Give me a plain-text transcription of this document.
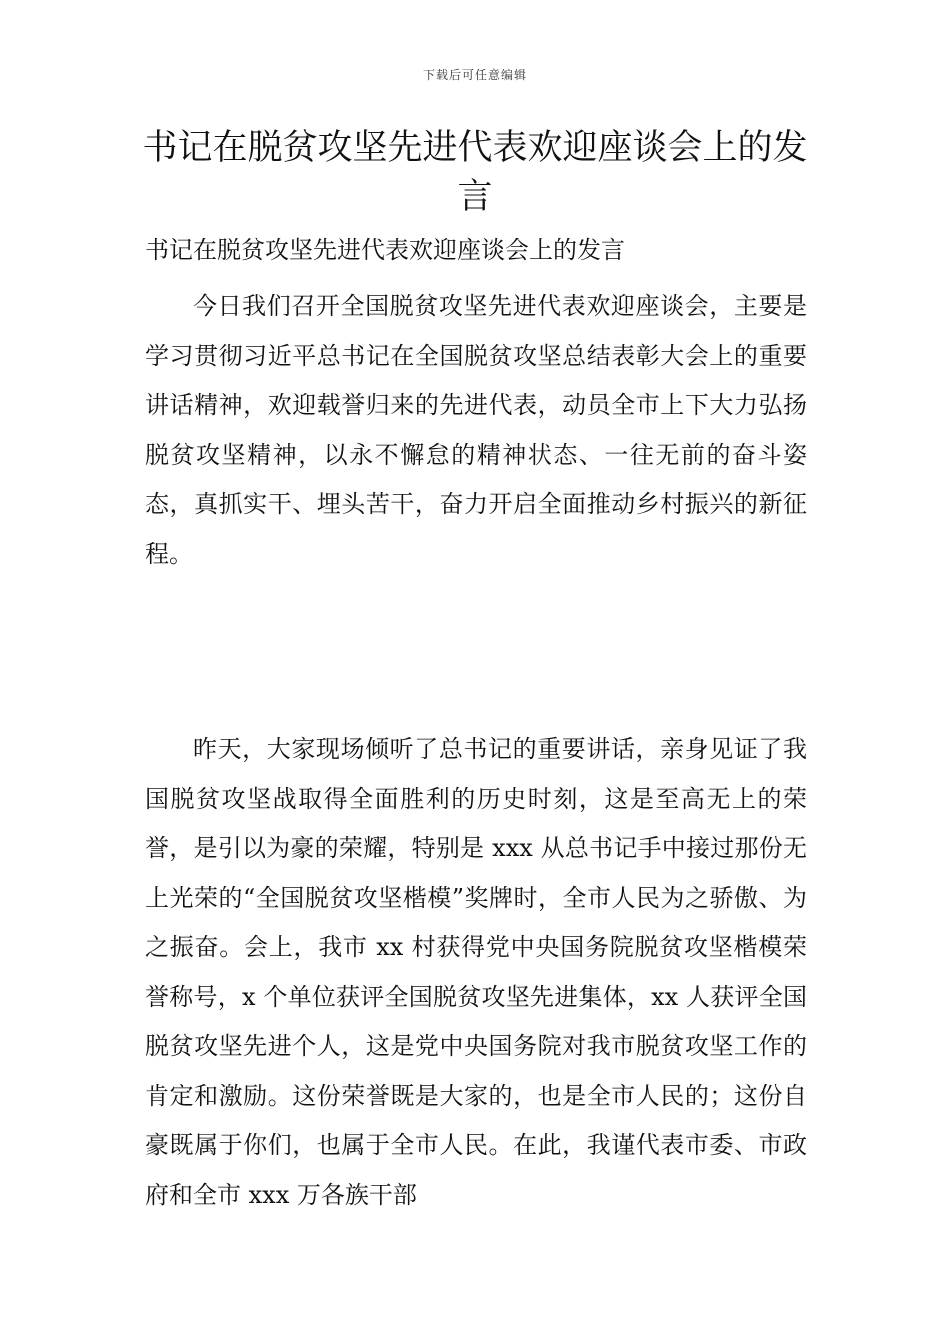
下载后可任意编辑
书记在脱贫攻坚先进代表欢迎座谈会上的发言

书记在脱贫攻坚先进代表欢迎座谈会上的发言

今日我们召开全国脱贫攻坚先进代表欢迎座谈会，主要是学习贯彻习近平总书记在全国脱贫攻坚总结表彰大会上的重要讲话精神，欢迎载誉归来的先进代表，动员全市上下大力弘扬脱贫攻坚精神，以永不懈怠的精神状态、一往无前的奋斗姿态，真抓实干、埋头苦干，奋力开启全面推动乡村振兴的新征程。

昨天，大家现场倾听了总书记的重要讲话，亲身见证了我国脱贫攻坚战取得全面胜利的历史时刻，这是至高无上的荣誉，是引以为豪的荣耀，特别是 xxx 从总书记手中接过那份无上光荣的“全国脱贫攻坚楷模”奖牌时，全市人民为之骄傲、为之振奋。会上，我市 xx 村获得党中央国务院脱贫攻坚楷模荣誉称号，x 个单位获评全国脱贫攻坚先进集体，xx 人获评全国脱贫攻坚先进个人，这是党中央国务院对我市脱贫攻坚工作的肯定和激励。这份荣誉既是大家的，也是全市人民的；这份自豪既属于你们，也属于全市人民。在此，我谨代表市委、市政府和全市 xxx 万各族干部
